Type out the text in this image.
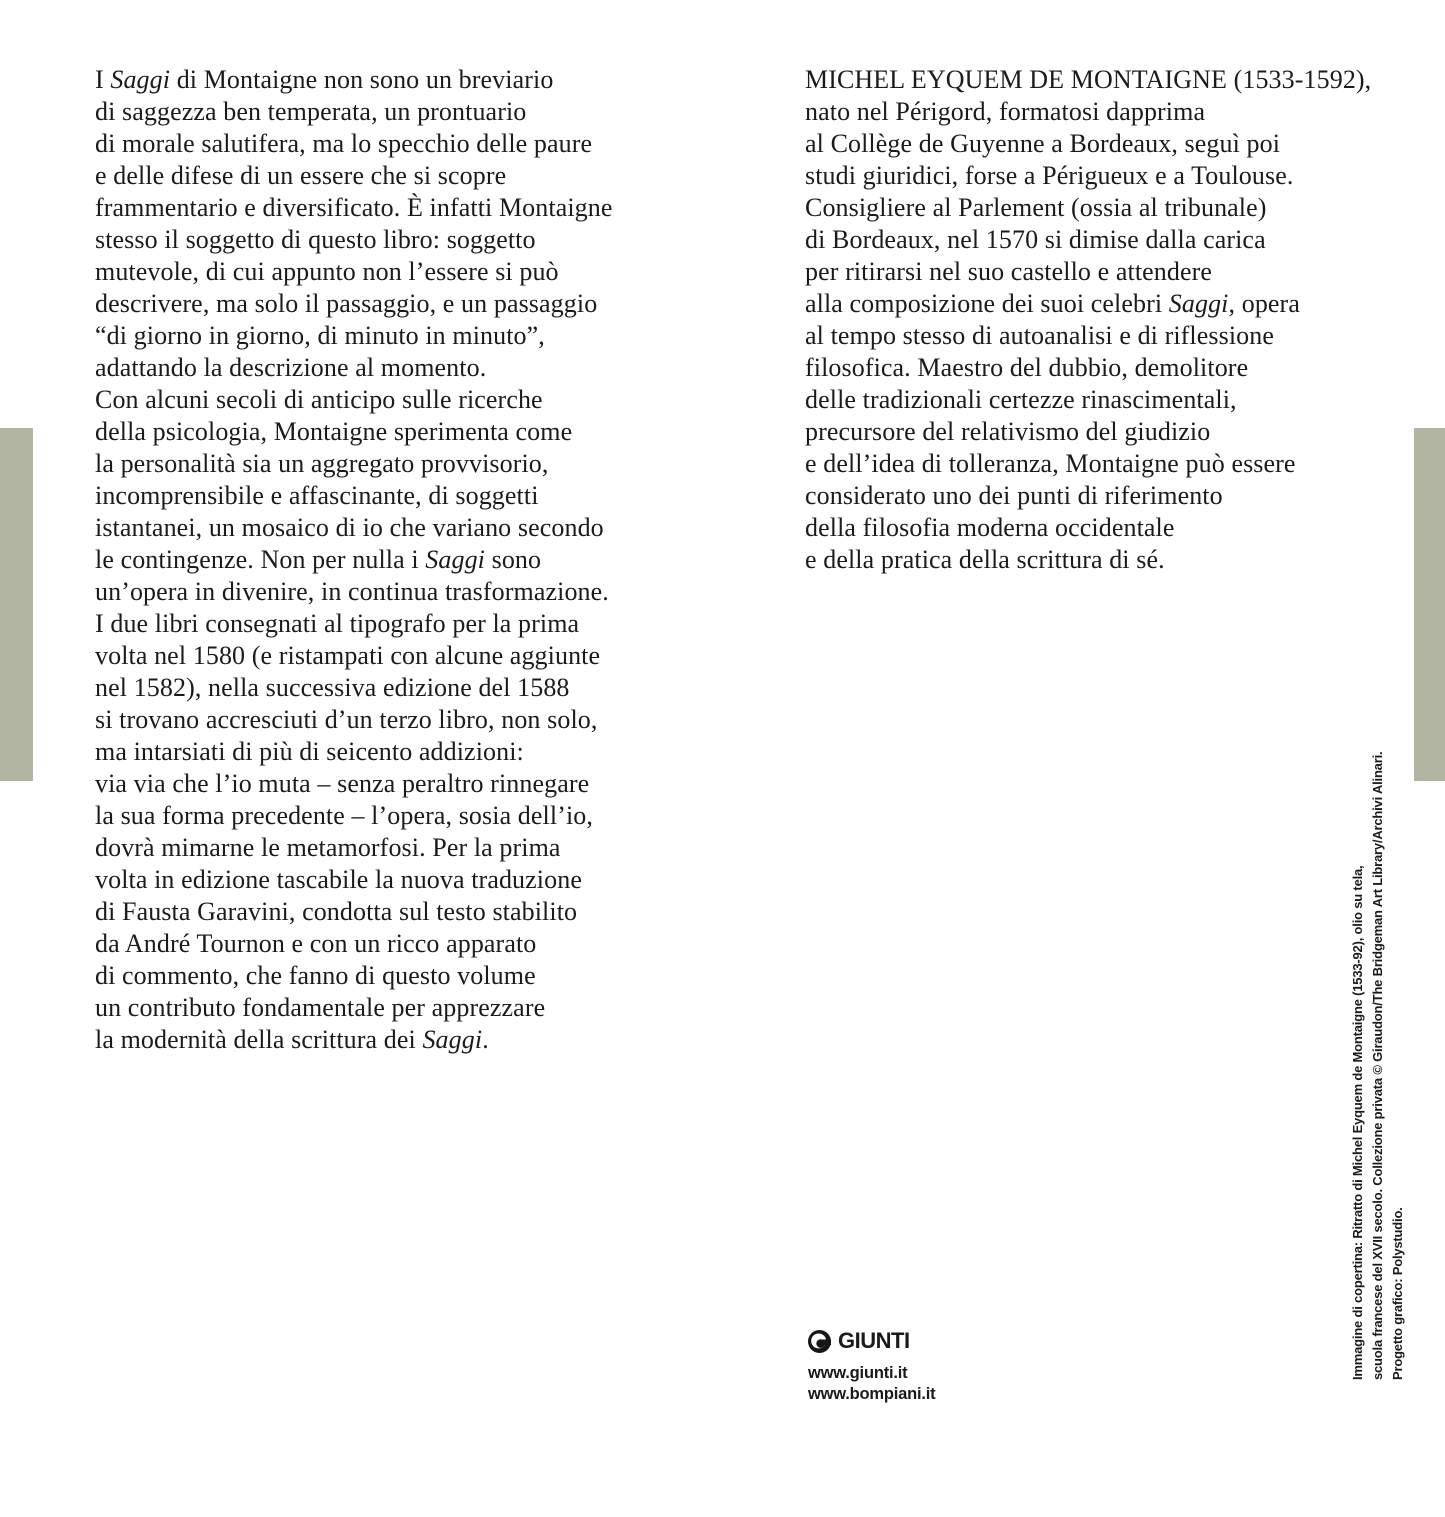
I Saggi di Montaigne non sono un breviario
di saggezza ben temperata, un prontuario
di morale salutifera, ma lo specchio delle paure
e delle difese di un essere che si scopre
frammentario e diversificato. È infatti Montaigne
stesso il soggetto di questo libro: soggetto
mutevole, di cui appunto non l’essere si può
descrivere, ma solo il passaggio, e un passaggio
“di giorno in giorno, di minuto in minuto”,
adattando la descrizione al momento.
Con alcuni secoli di anticipo sulle ricerche
della psicologia, Montaigne sperimenta come
la personalità sia un aggregato provvisorio,
incomprensibile e affascinante, di soggetti
istantanei, un mosaico di io che variano secondo
le contingenze. Non per nulla i Saggi sono
un’opera in divenire, in continua trasformazione.
I due libri consegnati al tipografo per la prima
volta nel 1580 (e ristampati con alcune aggiunte
nel 1582), nella successiva edizione del 1588
si trovano accresciuti d’un terzo libro, non solo,
ma intarsiati di più di seicento addizioni:
via via che l’io muta – senza peraltro rinnegare
la sua forma precedente – l’opera, sosia dell’io,
dovrà mimarne le metamorfosi. Per la prima
volta in edizione tascabile la nuova traduzione
di Fausta Garavini, condotta sul testo stabilito
da André Tournon e con un ricco apparato
di commento, che fanno di questo volume
un contributo fondamentale per apprezzare
la modernità della scrittura dei Saggi.
MICHEL EYQUEM DE MONTAIGNE (1533-1592),
nato nel Périgord, formatosi dapprima
al Collège de Guyenne a Bordeaux, seguì poi
studi giuridici, forse a Périgueux e a Toulouse.
Consigliere al Parlement (ossia al tribunale)
di Bordeaux, nel 1570 si dimise dalla carica
per ritirarsi nel suo castello e attendere
alla composizione dei suoi celebri Saggi, opera
al tempo stesso di autoanalisi e di riflessione
filosofica. Maestro del dubbio, demolitore
delle tradizionali certezze rinascimentali,
precursore del relativismo del giudizio
e dell’idea di tolleranza, Montaigne può essere
considerato uno dei punti di riferimento
della filosofia moderna occidentale
e della pratica della scrittura di sé.
GIUNTI
www.giunti.it
www.bompiani.it
Immagine di copertina: Ritratto di Michel Eyquem de Montaigne (1533-92), olio su tela, scuola francese del XVII secolo. Collezione privata © Giraudon/The Bridgeman Art Library/Archivi Alinari. Progetto grafico: Polystudio.
